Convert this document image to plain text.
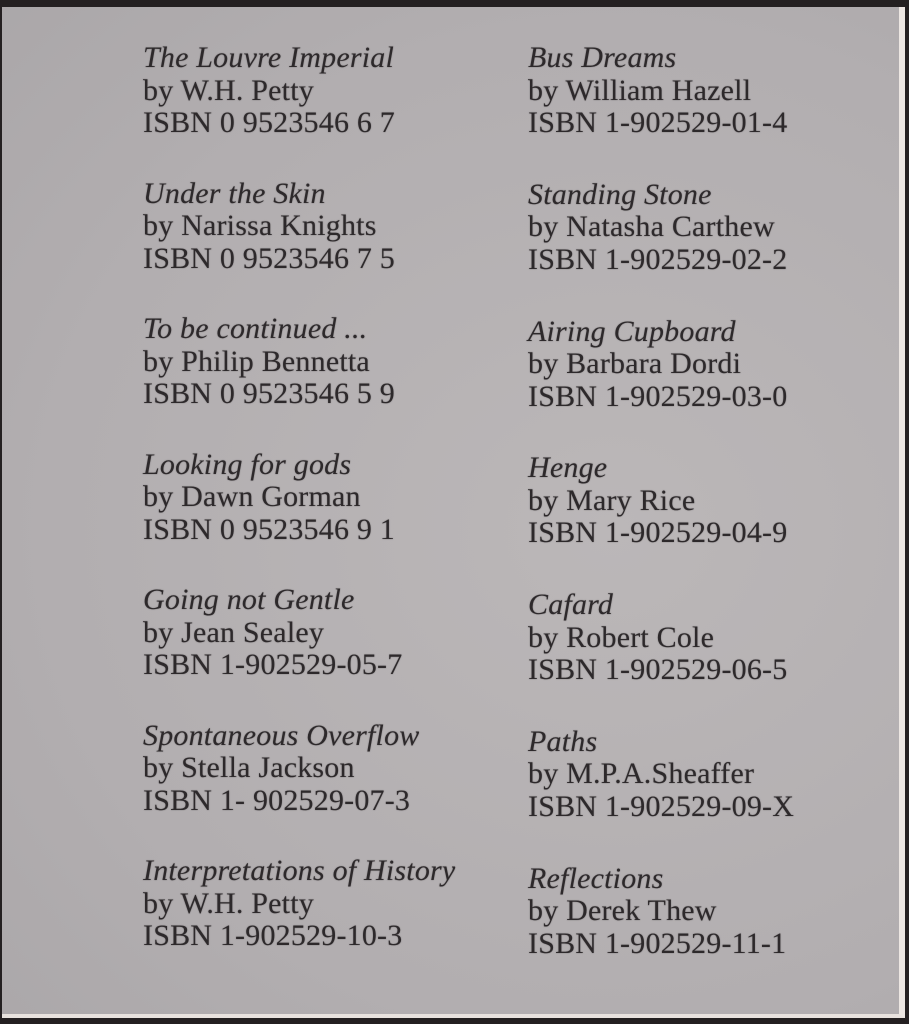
The Louvre Imperial
by W.H. Petty
ISBN 0 9523546 6 7
Under the Skin
by Narissa Knights
ISBN 0 9523546 7 5
To be continued ...
by Philip Bennetta
ISBN 0 9523546 5 9
Looking for gods
by Dawn Gorman
ISBN 0 9523546 9 1
Going not Gentle
by Jean Sealey
ISBN 1-902529-05-7
Spontaneous Overflow
by Stella Jackson
ISBN 1- 902529-07-3
Interpretations of History
by W.H. Petty
ISBN 1-902529-10-3
Bus Dreams
by William Hazell
ISBN 1-902529-01-4
Standing Stone
by Natasha Carthew
ISBN 1-902529-02-2
Airing Cupboard
by Barbara Dordi
ISBN 1-902529-03-0
Henge
by Mary Rice
ISBN 1-902529-04-9
Cafard
by Robert Cole
ISBN 1-902529-06-5
Paths
by M.P.A.Sheaffer
ISBN 1-902529-09-X
Reflections
by Derek Thew
ISBN 1-902529-11-1
